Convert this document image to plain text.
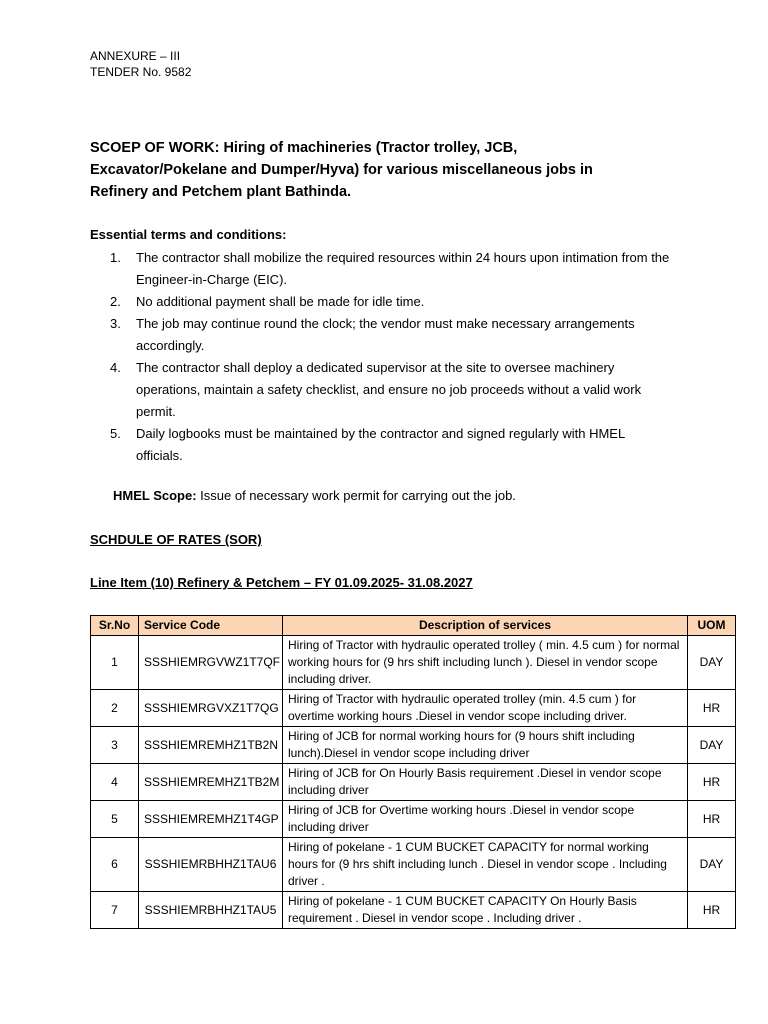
ANNEXURE – III
TENDER No. 9582
SCOEP OF WORK: Hiring of machineries (Tractor trolley, JCB, Excavator/Pokelane and Dumper/Hyva) for various miscellaneous jobs in Refinery and Petchem plant Bathinda.
Essential terms and conditions:
1. The contractor shall mobilize the required resources within 24 hours upon intimation from the Engineer-in-Charge (EIC).
2. No additional payment shall be made for idle time.
3. The job may continue round the clock; the vendor must make necessary arrangements accordingly.
4. The contractor shall deploy a dedicated supervisor at the site to oversee machinery operations, maintain a safety checklist, and ensure no job proceeds without a valid work permit.
5. Daily logbooks must be maintained by the contractor and signed regularly with HMEL officials.
HMEL Scope: Issue of necessary work permit for carrying out the job.
SCHDULE OF RATES (SOR)
Line Item (10) Refinery & Petchem – FY 01.09.2025- 31.08.2027
Sr.No	Service Code	Description of services	UOM
1	SSSHIEMRGVWZ1T7QF	Hiring of Tractor with hydraulic operated trolley ( min. 4.5 cum ) for normal working hours for (9 hrs shift including lunch ). Diesel in vendor scope including driver.	DAY
2	SSSHIEMRGVXZ1T7QG	Hiring of Tractor with hydraulic operated trolley (min. 4.5 cum ) for overtime working hours .Diesel in vendor scope including driver.	HR
3	SSSHIEMREMHZ1TB2N	Hiring of JCB for normal working hours for (9 hours shift including lunch).Diesel in vendor scope including driver	DAY
4	SSSHIEMREMHZ1TB2M	Hiring of JCB for On Hourly Basis requirement .Diesel in vendor scope including driver	HR
5	SSSHIEMREMHZ1T4GP	Hiring of JCB for Overtime working hours .Diesel in vendor scope including driver	HR
6	SSSHIEMRBHHZ1TAU6	Hiring of pokelane - 1 CUM BUCKET CAPACITY for normal working hours for (9 hrs shift including lunch . Diesel in vendor scope . Including driver .	DAY
7	SSSHIEMRBHHZ1TAU5	Hiring of pokelane - 1 CUM BUCKET CAPACITY On Hourly Basis requirement . Diesel in vendor scope . Including driver .	HR
